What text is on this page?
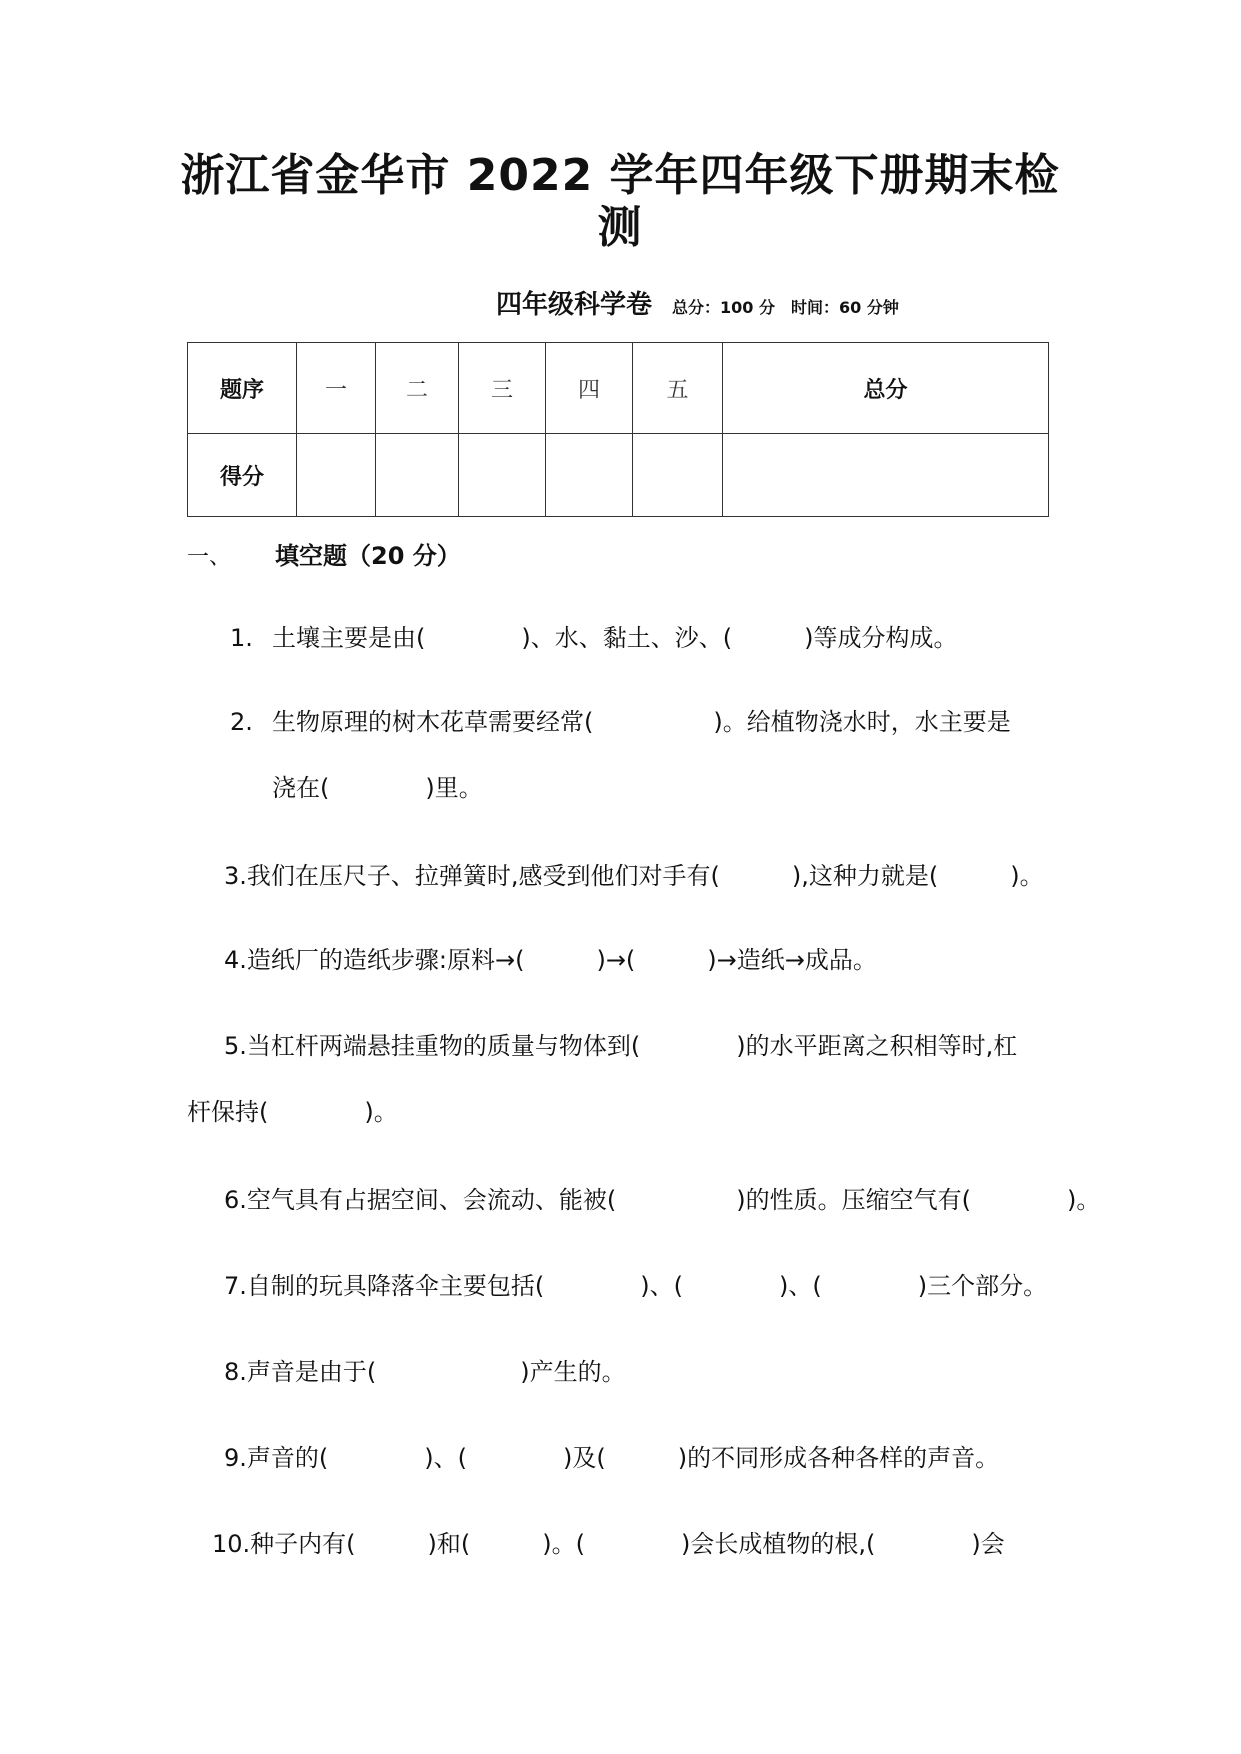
浙江省金华市 2022 学年四年级下册期末检
测
四年级科学卷 总分：100 分 时间：60 分钟
题序	一	二	三	四	五	总分
得分						
一、 填空题（20 分）
1. 土壤主要是由(　　　　)、水、黏土、沙、(　　　)等成分构成。
2. 生物原理的树木花草需要经常(　　　　　)。给植物浇水时，水主要是
浇在(　　　　)里。
3.我们在压尺子、拉弹簧时,感受到他们对手有(　　　),这种力就是(　　　)。
4.造纸厂的造纸步骤:原料→(　　　)→(　　　)→造纸→成品。
5.当杠杆两端悬挂重物的质量与物体到(　　　　)的水平距离之积相等时,杠
杆保持(　　　　)。
6.空气具有占据空间、会流动、能被(　　　　　)的性质。压缩空气有(　　　　)。
7.自制的玩具降落伞主要包括(　　　　)、(　　　　)、(　　　　)三个部分。
8.声音是由于(　　　　　　)产生的。
9.声音的(　　　　)、(　　　　)及(　　　)的不同形成各种各样的声音。
10.种子内有(　　　)和(　　　)。(　　　　)会长成植物的根,(　　　　)会
